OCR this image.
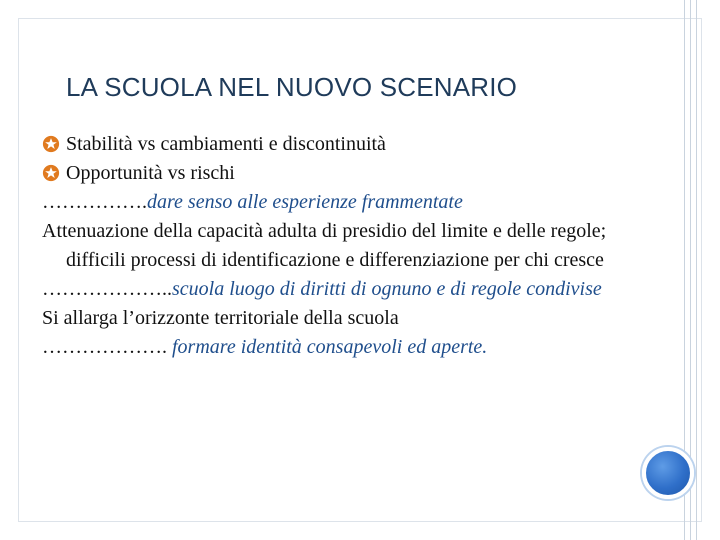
LA SCUOLA NEL NUOVO SCENARIO
Stabilità vs cambiamenti e discontinuità
Opportunità vs rischi
…………….dare senso alle esperienze frammentate
Attenuazione della capacità adulta di presidio del limite e delle regole; difficili processi di identificazione e differenziazione per chi cresce
………………..scuola luogo di diritti di ognuno e di regole condivise
Si allarga l’orizzonte territoriale della scuola
………………. formare identità consapevoli ed aperte.
